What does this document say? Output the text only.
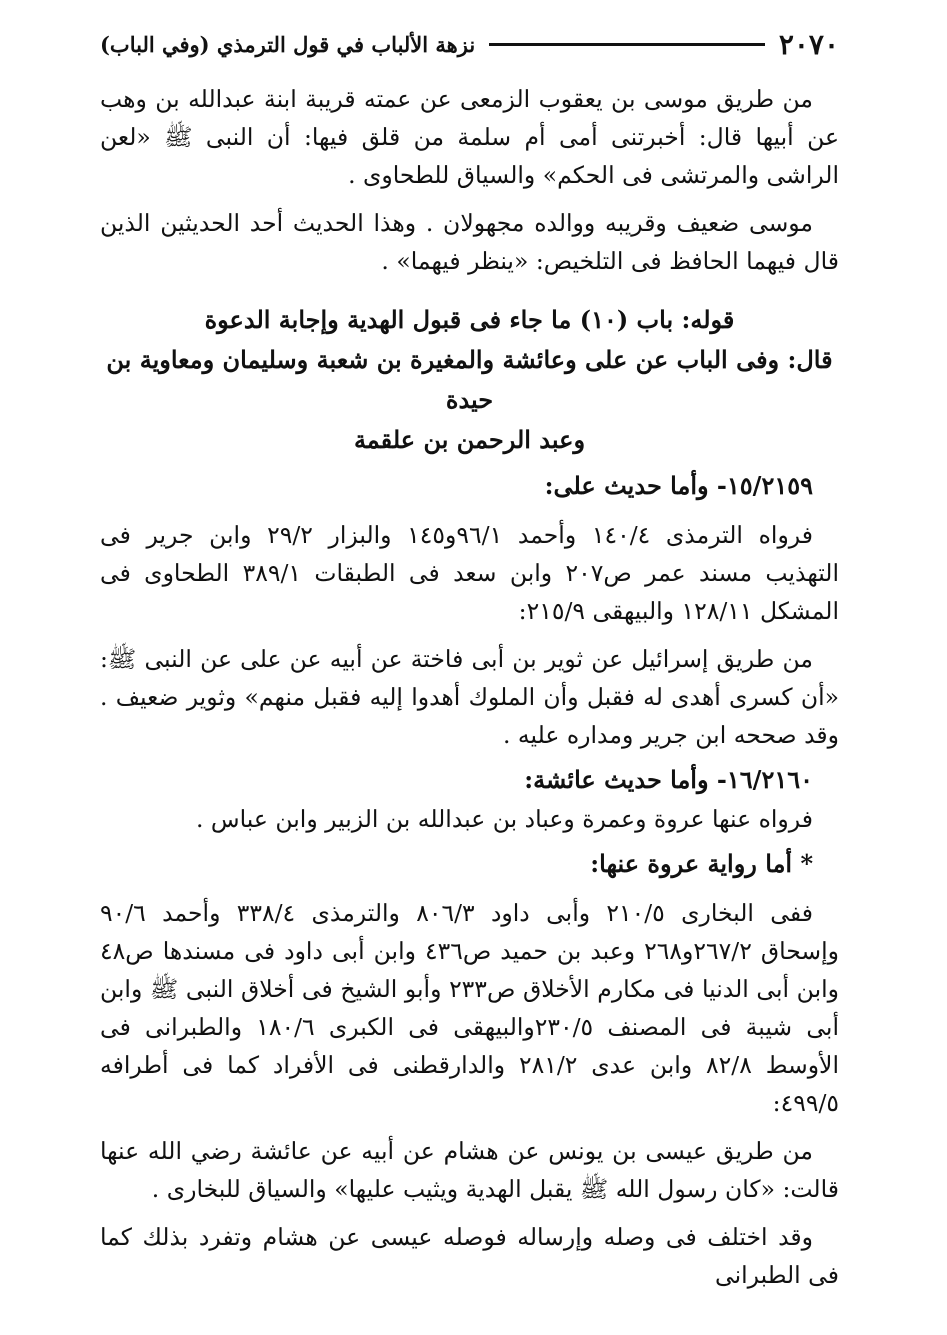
٢٠٧٠
نزهة الألباب في قول الترمذي (وفي الباب)

من طريق موسى بن يعقوب الزمعى عن عمته قريبة ابنة عبدالله بن وهب عن أبيها قال: أخبرتنى أمى أم سلمة من قلق فيها: أن النبى ﷺ «لعن الراشى والمرتشى فى الحكم» والسياق للطحاوى .

موسى ضعيف وقريبه ووالده مجهولان . وهذا الحديث أحد الحديثين الذين قال فيهما الحافظ فى التلخيص: «ينظر فيهما» .

قوله: باب (١٠) ما جاء فى قبول الهدية وإجابة الدعوة
قال: وفى الباب عن على وعائشة والمغيرة بن شعبة وسليمان ومعاوية بن حيدة
وعبد الرحمن بن علقمة
١٥/٢١٥٩- وأما حديث على:

فرواه الترمذى ١٤٠/٤ وأحمد ٩٦/١و١٤٥ والبزار ٢٩/٢ وابن جرير فى التهذيب مسند عمر ص٢٠٧ وابن سعد فى الطبقات ٣٨٩/١ الطحاوى فى المشكل ١٢٨/١١ والبيهقى ٢١٥/٩:

من طريق إسرائيل عن ثوير بن أبى فاختة عن أبيه عن على عن النبى ﷺ: «أن كسرى أهدى له فقبل وأن الملوك أهدوا إليه فقبل منهم» وثوير ضعيف . وقد صححه ابن جرير ومداره عليه .

١٦/٢١٦٠- وأما حديث عائشة:

فرواه عنها عروة وعمرة وعباد بن عبدالله بن الزبير وابن عباس .

* أما رواية عروة عنها:

ففى البخارى ٢١٠/٥ وأبى داود ٨٠٦/٣ والترمذى ٣٣٨/٤ وأحمد ٩٠/٦ وإسحاق ٢٦٧/٢و٢٦٨ وعبد بن حميد ص٤٣٦ وابن أبى داود فى مسندها ص٤٨ وابن أبى الدنيا فى مكارم الأخلاق ص٢٣٣ وأبو الشيخ فى أخلاق النبى ﷺ وابن أبى شيبة فى المصنف ٢٣٠/٥والبيهقى فى الكبرى ١٨٠/٦ والطبرانى فى الأوسط ٨٢/٨ وابن عدى ٢٨١/٢ والدارقطنى فى الأفراد كما فى أطرافه ٤٩٩/٥:

من طريق عيسى بن يونس عن هشام عن أبيه عن عائشة رضي الله عنها قالت: «كان رسول الله ﷺ يقبل الهدية ويثيب عليها» والسياق للبخارى .

وقد اختلف فى وصله وإرساله فوصله عيسى عن هشام وتفرد بذلك كما فى الطبرانى
